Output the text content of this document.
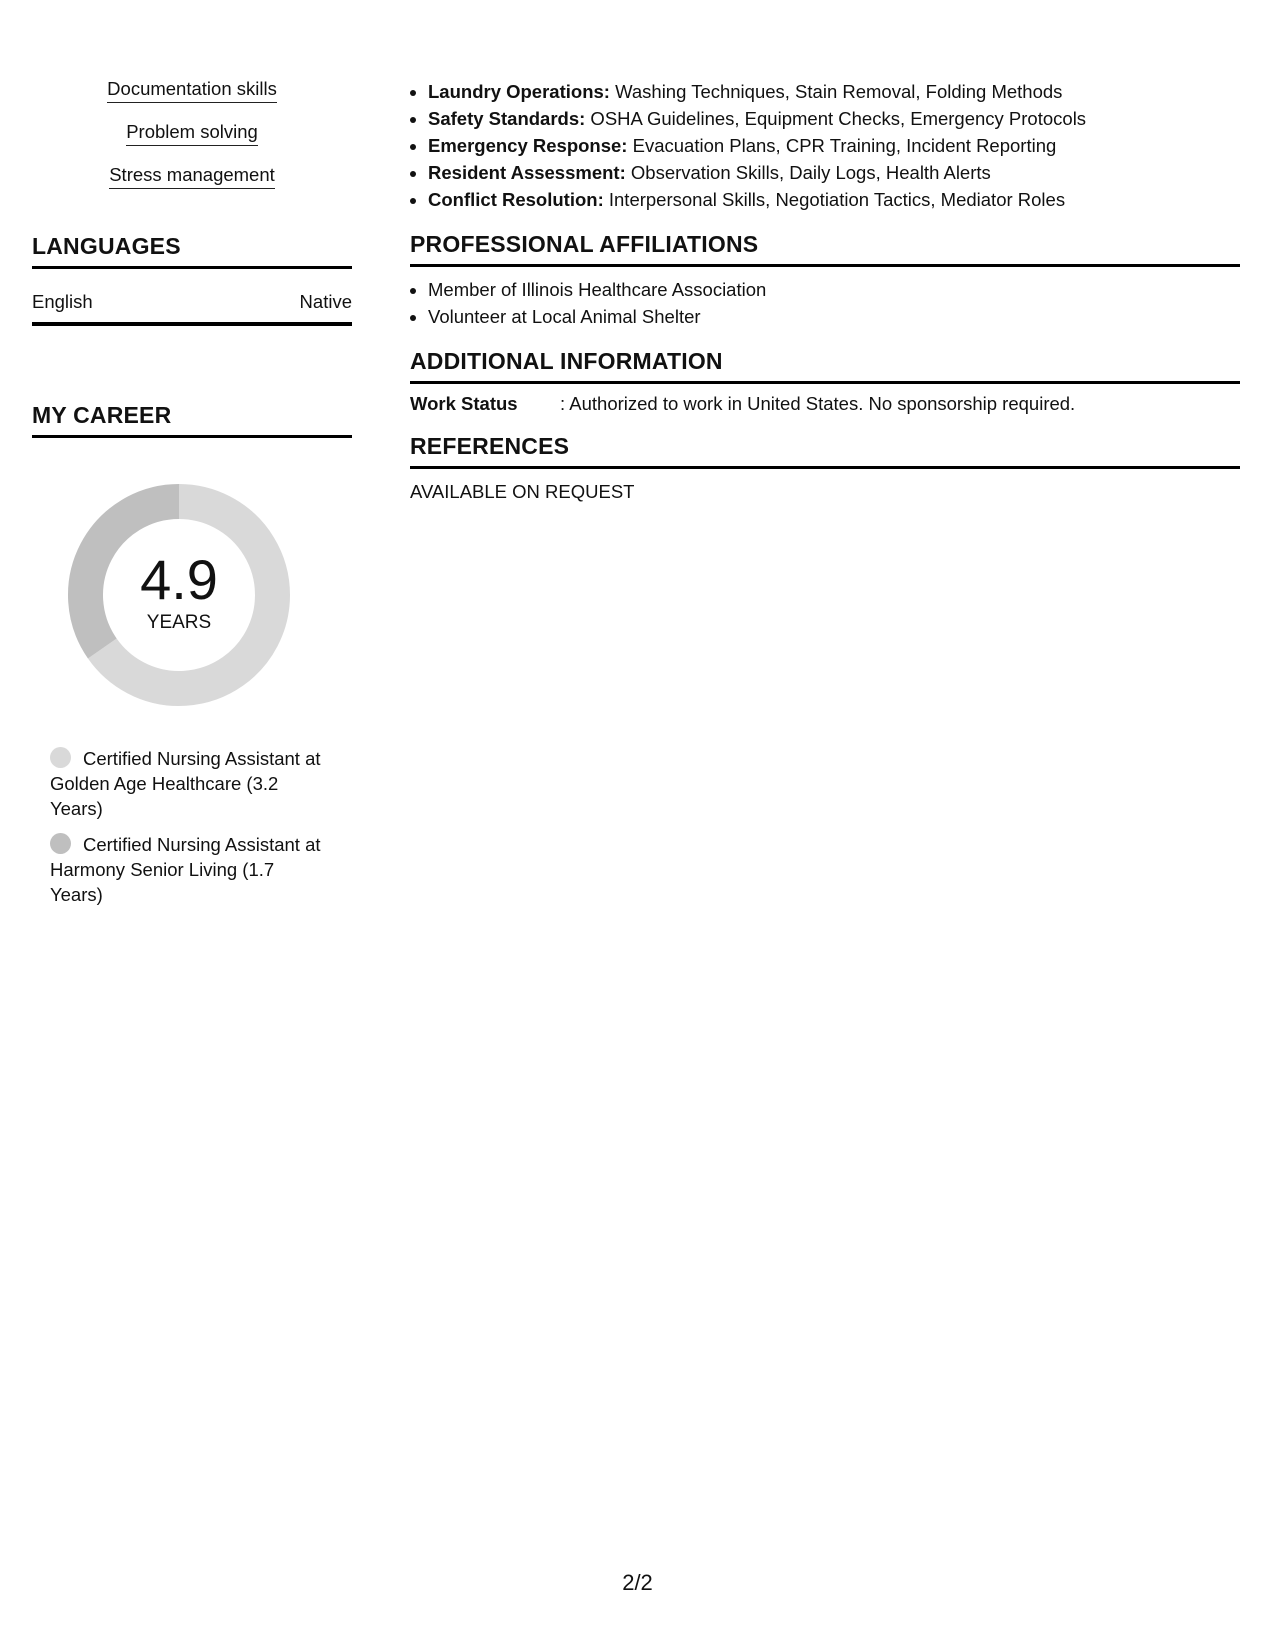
Documentation skills
Problem solving
Stress management
LANGUAGES
English	Native
MY CAREER
4.9
YEARS
Certified Nursing Assistant at Golden Age Healthcare (3.2 Years)
Certified Nursing Assistant at Harmony Senior Living (1.7 Years)
• Laundry Operations: Washing Techniques, Stain Removal, Folding Methods
• Safety Standards: OSHA Guidelines, Equipment Checks, Emergency Protocols
• Emergency Response: Evacuation Plans, CPR Training, Incident Reporting
• Resident Assessment: Observation Skills, Daily Logs, Health Alerts
• Conflict Resolution: Interpersonal Skills, Negotiation Tactics, Mediator Roles
PROFESSIONAL AFFILIATIONS
• Member of Illinois Healthcare Association
• Volunteer at Local Animal Shelter
ADDITIONAL INFORMATION
Work Status	: Authorized to work in United States. No sponsorship required.
REFERENCES
AVAILABLE ON REQUEST
2/2
